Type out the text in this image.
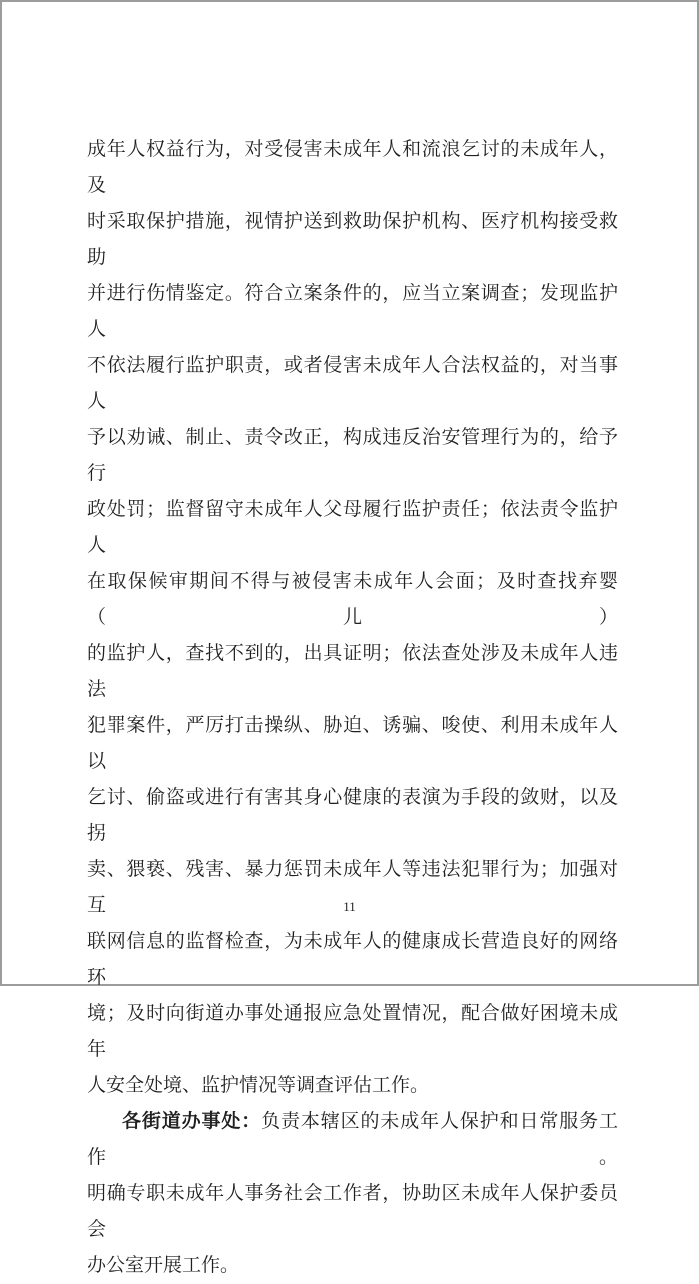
成年人权益行为，对受侵害未成年人和流浪乞讨的未成年人，及
时采取保护措施，视情护送到救助保护机构、医疗机构接受救助
并进行伤情鉴定。符合立案条件的，应当立案调查；发现监护人
不依法履行监护职责，或者侵害未成年人合法权益的，对当事人
予以劝诫、制止、责令改正，构成违反治安管理行为的，给予行
政处罚；监督留守未成年人父母履行监护责任；依法责令监护人
在取保候审期间不得与被侵害未成年人会面；及时查找弃婴（儿）
的监护人，查找不到的，出具证明；依法查处涉及未成年人违法
犯罪案件，严厉打击操纵、胁迫、诱骗、唆使、利用未成年人以
乞讨、偷盗或进行有害其身心健康的表演为手段的敛财，以及拐
卖、猥亵、残害、暴力惩罚未成年人等违法犯罪行为；加强对互
联网信息的监督检查，为未成年人的健康成长营造良好的网络环
境；及时向街道办事处通报应急处置情况，配合做好困境未成年
人安全处境、监护情况等调查评估工作。
各街道办事处：负责本辖区的未成年人保护和日常服务工作。
明确专职未成年人事务社会工作者，协助区未成年人保护委员会
办公室开展工作。
11
